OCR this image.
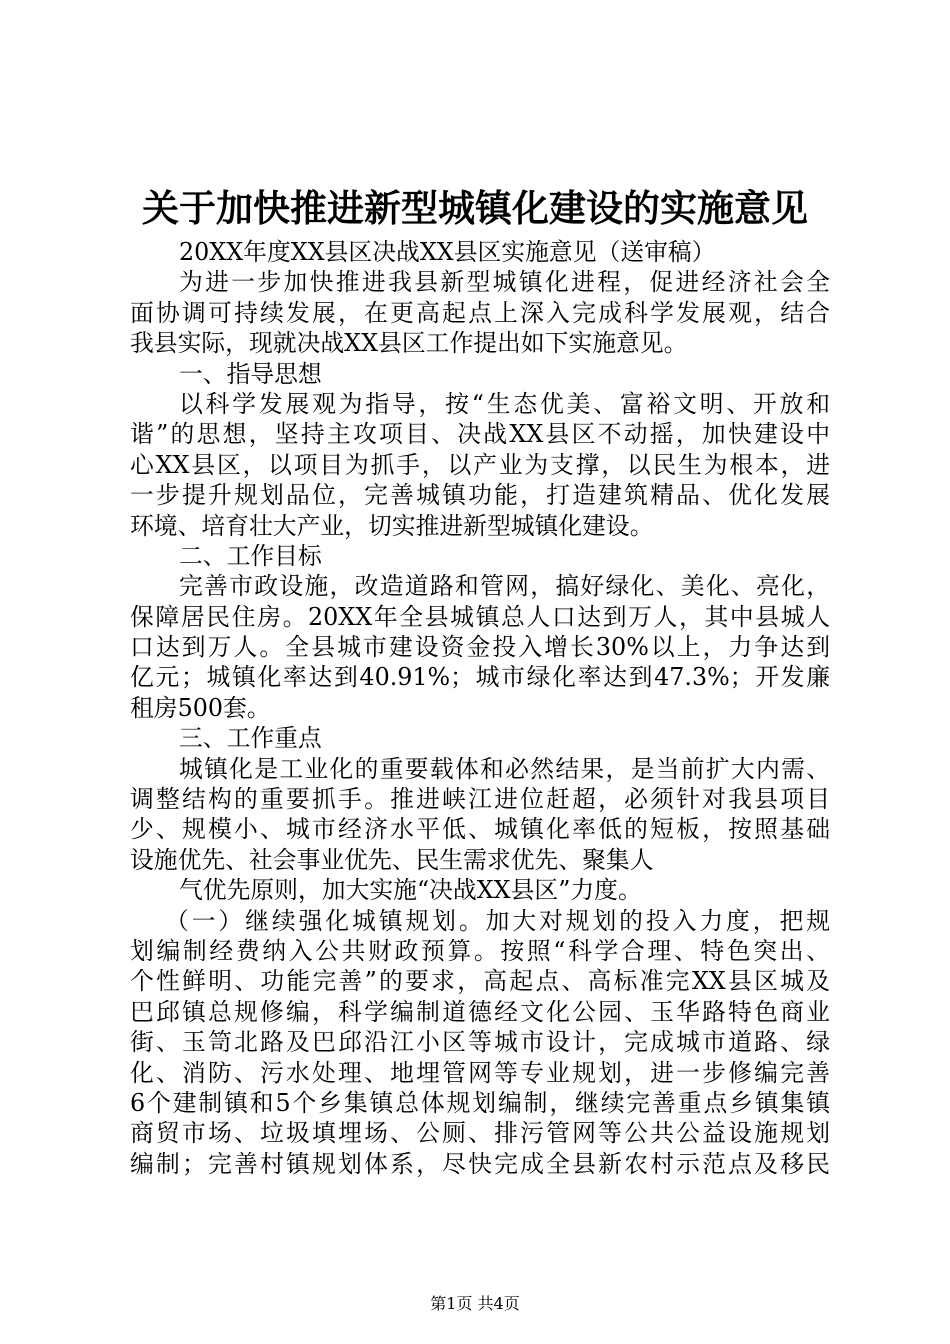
关于加快推进新型城镇化建设的实施意见
20XX年度XX县区决战XX县区实施意见（送审稿）
为进一步加快推进我县新型城镇化进程，促进经济社会全
面协调可持续发展，在更高起点上深入完成科学发展观，结合
我县实际，现就决战XX县区工作提出如下实施意见。
一、指导思想
以科学发展观为指导，按“生态优美、富裕文明、开放和
谐”的思想，坚持主攻项目、决战XX县区不动摇，加快建设中
心XX县区，以项目为抓手，以产业为支撑，以民生为根本，进
一步提升规划品位，完善城镇功能，打造建筑精品、优化发展
环境、培育壮大产业，切实推进新型城镇化建设。
二、工作目标
完善市政设施，改造道路和管网，搞好绿化、美化、亮化，
保障居民住房。20XX年全县城镇总人口达到万人，其中县城人
口达到万人。全县城市建设资金投入增长30%以上，力争达到
亿元；城镇化率达到40.91%；城市绿化率达到47.3%；开发廉
租房500套。
三、工作重点
城镇化是工业化的重要载体和必然结果，是当前扩大内需、
调整结构的重要抓手。推进峡江进位赶超，必须针对我县项目
少、规模小、城市经济水平低、城镇化率低的短板，按照基础
设施优先、社会事业优先、民生需求优先、聚集人
气优先原则，加大实施“决战XX县区”力度。
（一）继续强化城镇规划。加大对规划的投入力度，把规
划编制经费纳入公共财政预算。按照“科学合理、特色突出、
个性鲜明、功能完善”的要求，高起点、高标准完XX县区城及
巴邱镇总规修编，科学编制道德经文化公园、玉华路特色商业
街、玉笥北路及巴邱沿江小区等城市设计，完成城市道路、绿
化、消防、污水处理、地埋管网等专业规划，进一步修编完善
6个建制镇和5个乡集镇总体规划编制，继续完善重点乡镇集镇
商贸市场、垃圾填埋场、公厕、排污管网等公共公益设施规划
编制；完善村镇规划体系，尽快完成全县新农村示范点及移民
第1页 共4页
